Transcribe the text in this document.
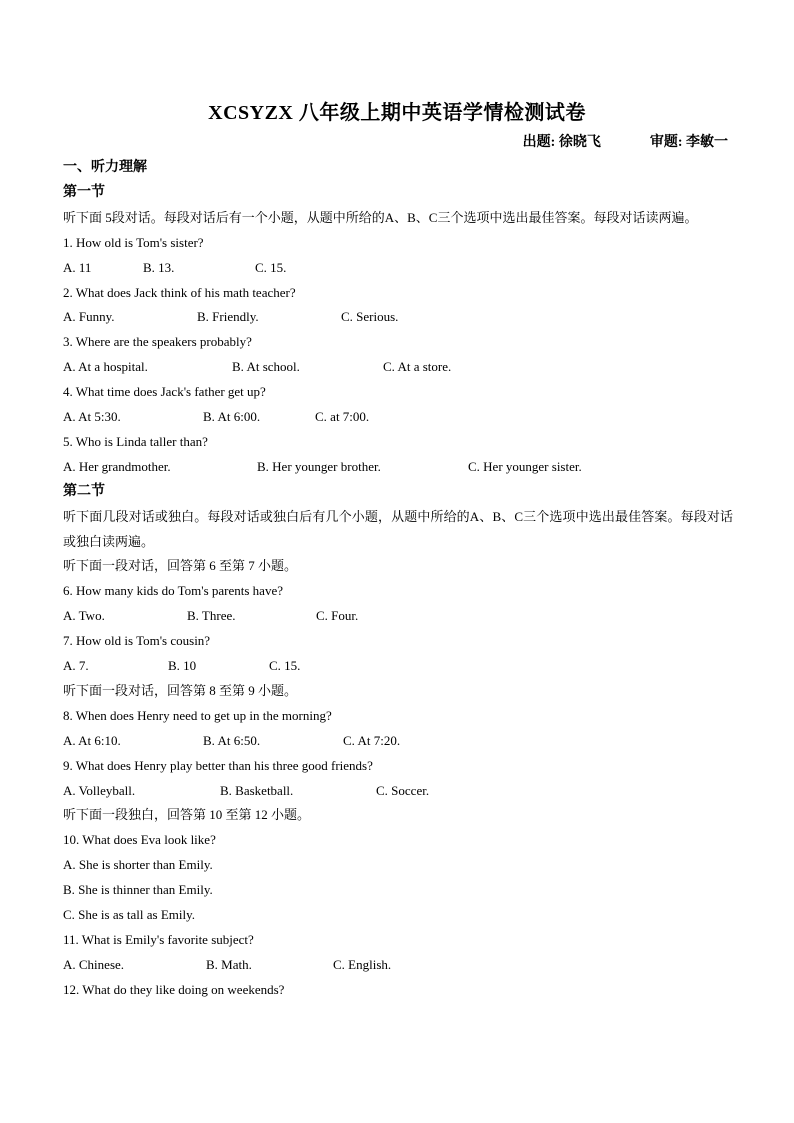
XCSYZX 八年级上期中英语学情检测试卷
出题: 徐晓飞	审题: 李敏一
一、听力理解
第一节
听下面 5段对话。每段对话后有一个小题，从题中所给的A、B、C三个选项中选出最佳答案。每段对话读两遍。
1. How old is Tom's sister?
A. 11	B. 13.	C. 15.
2. What does Jack think of his math teacher?
A. Funny.	B. Friendly.	C. Serious.
3. Where are the speakers probably?
A. At a hospital.	B. At school.	C. At a store.
4. What time does Jack's father get up?
A. At 5:30.	B. At 6:00.	C. at 7:00.
5. Who is Linda taller than?
A. Her grandmother.	B. Her younger brother.	C. Her younger sister.
第二节
听下面几段对话或独白。每段对话或独白后有几个小题，从题中所给的A、B、C三个选项中选出最佳答案。每段对话或独白读两遍。
听下面一段对话，回答第 6 至第 7 小题。
6. How many kids do Tom's parents have?
A. Two.	B. Three.	C. Four.
7. How old is Tom's cousin?
A. 7.	B. 10	C. 15.
听下面一段对话，回答第 8 至第 9 小题。
8. When does Henry need to get up in the morning?
A. At 6:10.	B. At 6:50.	C. At 7:20.
9. What does Henry play better than his three good friends?
A. Volleyball.	B. Basketball.	C. Soccer.
听下面一段独白，回答第 10 至第 12 小题。
10. What does Eva look like?
A. She is shorter than Emily.
B. She is thinner than Emily.
C. She is as tall as Emily.
11. What is Emily's favorite subject?
A. Chinese.	B. Math.	C. English.
12. What do they like doing on weekends?
